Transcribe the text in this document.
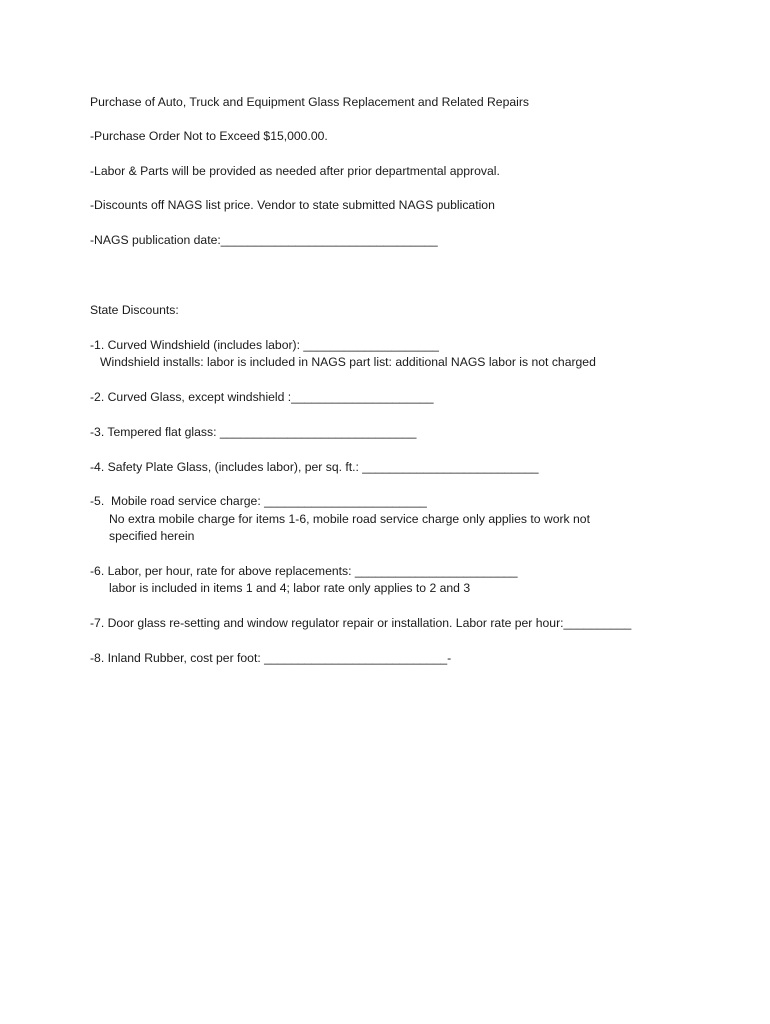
Purchase of Auto, Truck and Equipment Glass Replacement and Related Repairs
-Purchase Order Not to Exceed $15,000.00.
-Labor & Parts will be provided as needed after prior departmental approval.
-Discounts off NAGS list price. Vendor to state submitted NAGS publication
-NAGS publication date:________________________________
State Discounts:
-1. Curved Windshield (includes labor): ____________________
Windshield installs: labor is included in NAGS part list: additional NAGS labor is not charged
-2. Curved Glass, except windshield :_____________________
-3. Tempered flat glass: _____________________________
-4. Safety Plate Glass, (includes labor), per sq. ft.: __________________________
-5.  Mobile road service charge: ________________________
No extra mobile charge for items 1-6, mobile road service charge only applies to work not
specified herein
-6. Labor, per hour, rate for above replacements: ________________________
labor is included in items 1 and 4; labor rate only applies to 2 and 3
-7. Door glass re-setting and window regulator repair or installation. Labor rate per hour:__________
-8. Inland Rubber, cost per foot: ___________________________-
